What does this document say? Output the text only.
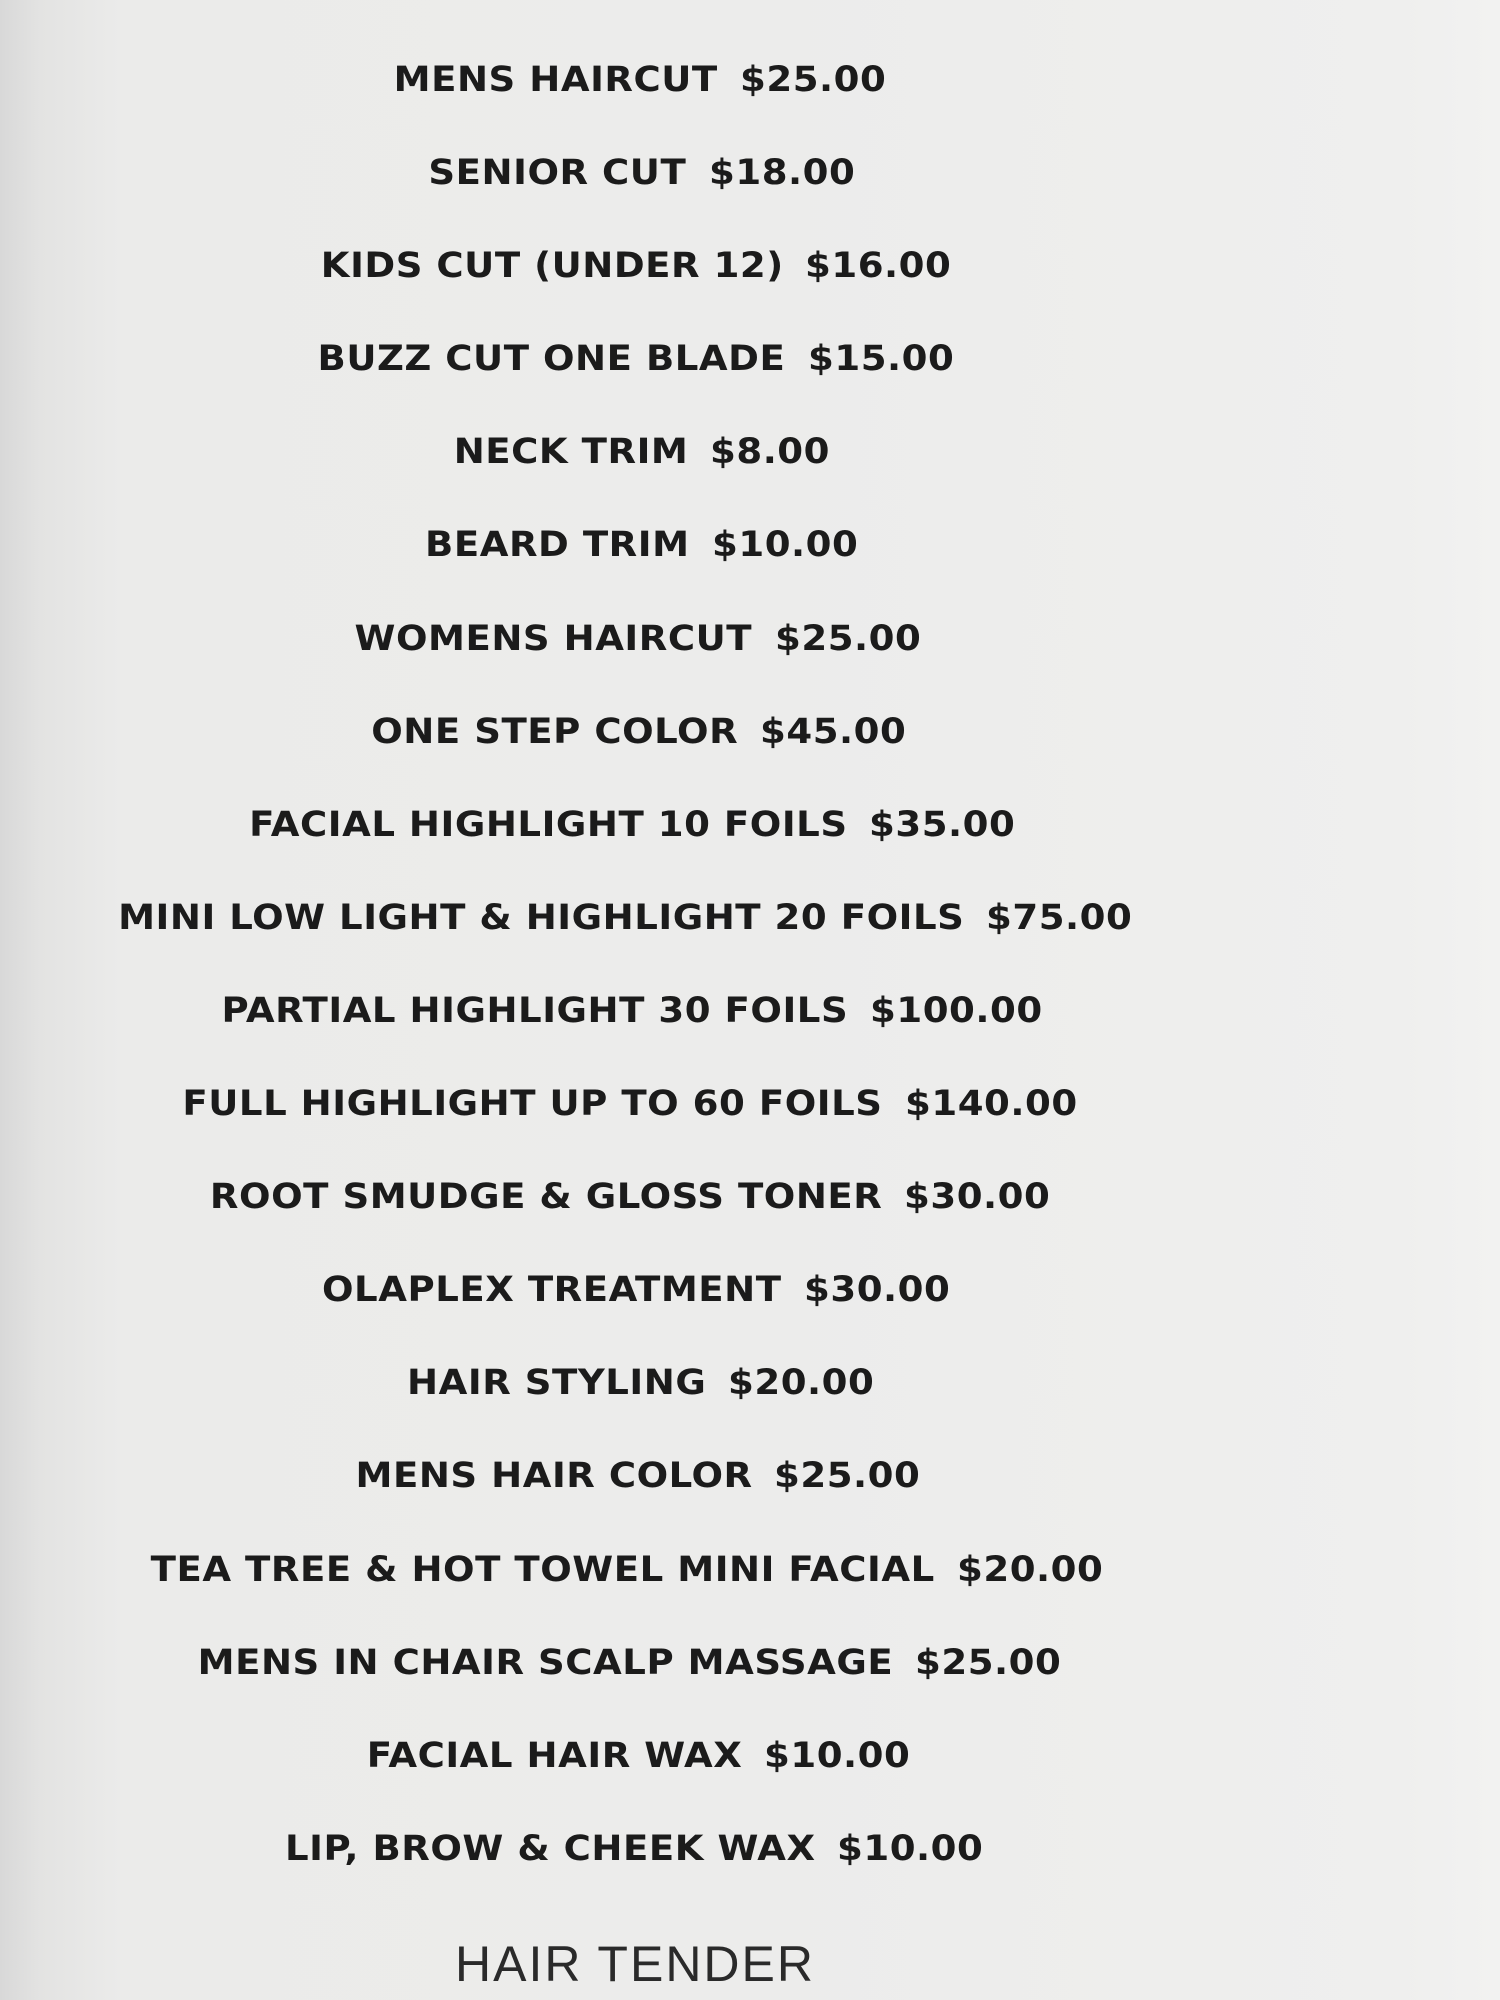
MENS HAIRCUT $25.00
SENIOR CUT $18.00
KIDS CUT (UNDER 12) $16.00
BUZZ CUT ONE BLADE $15.00
NECK TRIM $8.00
BEARD TRIM $10.00
WOMENS HAIRCUT $25.00
ONE STEP COLOR $45.00
FACIAL HIGHLIGHT 10 FOILS $35.00
MINI LOW LIGHT & HIGHLIGHT 20 FOILS $75.00
PARTIAL HIGHLIGHT 30 FOILS $100.00
FULL HIGHLIGHT UP TO 60 FOILS $140.00
ROOT SMUDGE & GLOSS TONER $30.00
OLAPLEX TREATMENT $30.00
HAIR STYLING $20.00
MENS HAIR COLOR $25.00
TEA TREE & HOT TOWEL MINI FACIAL $20.00
MENS IN CHAIR SCALP MASSAGE $25.00
FACIAL HAIR WAX $10.00
LIP, BROW & CHEEK WAX $10.00
HAIR TENDER
